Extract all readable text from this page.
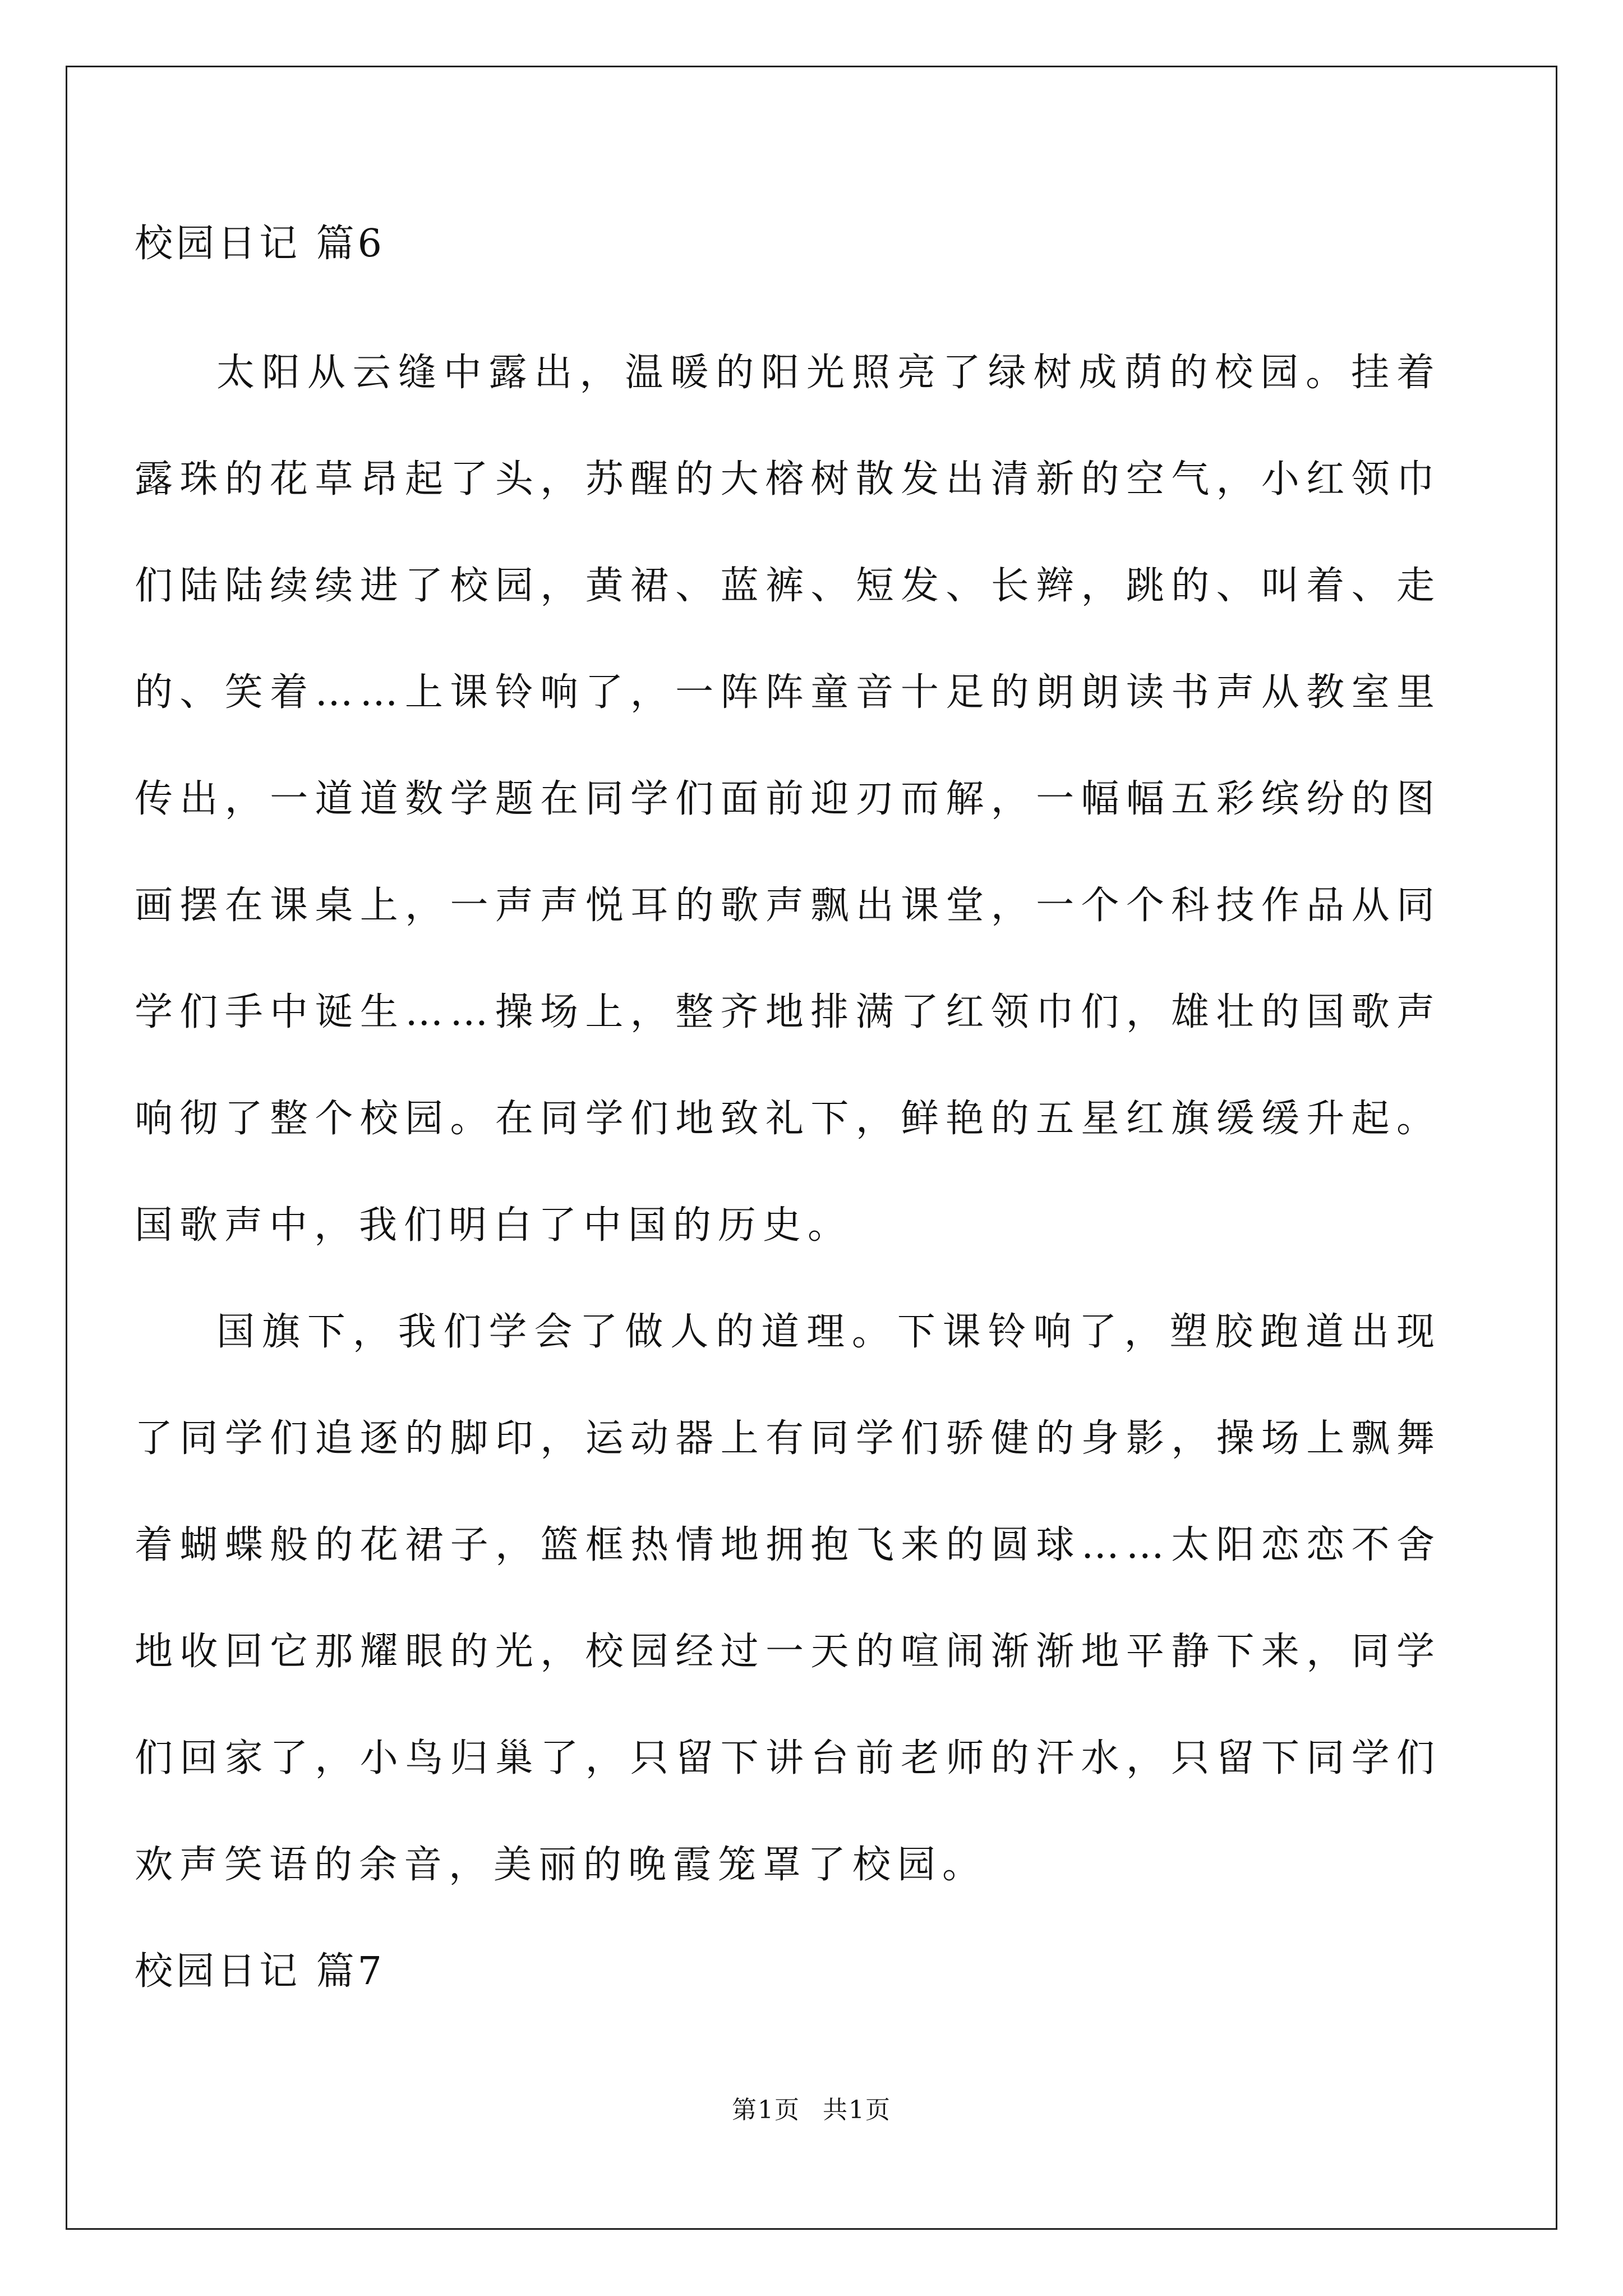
校园日记 篇6

太阳从云缝中露出，温暖的阳光照亮了绿树成荫的校园。挂着露珠的花草昂起了头，苏醒的大榕树散发出清新的空气，小红领巾们陆陆续续进了校园，黄裙、蓝裤、短发、长辫，跳的、叫着、走的、笑着……上课铃响了，一阵阵童音十足的朗朗读书声从教室里传出，一道道数学题在同学们面前迎刃而解，一幅幅五彩缤纷的图画摆在课桌上，一声声悦耳的歌声飘出课堂，一个个科技作品从同学们手中诞生……操场上，整齐地排满了红领巾们，雄壮的国歌声响彻了整个校园。在同学们地致礼下，鲜艳的五星红旗缓缓升起。国歌声中，我们明白了中国的历史。

国旗下，我们学会了做人的道理。下课铃响了，塑胶跑道出现了同学们追逐的脚印，运动器上有同学们骄健的身影，操场上飘舞着蝴蝶般的花裙子，篮框热情地拥抱飞来的圆球……太阳恋恋不舍地收回它那耀眼的光，校园经过一天的喧闹渐渐地平静下来，同学们回家了，小鸟归巢了，只留下讲台前老师的汗水，只留下同学们欢声笑语的余音，美丽的晚霞笼罩了校园。

校园日记 篇7
第1页 共1页
